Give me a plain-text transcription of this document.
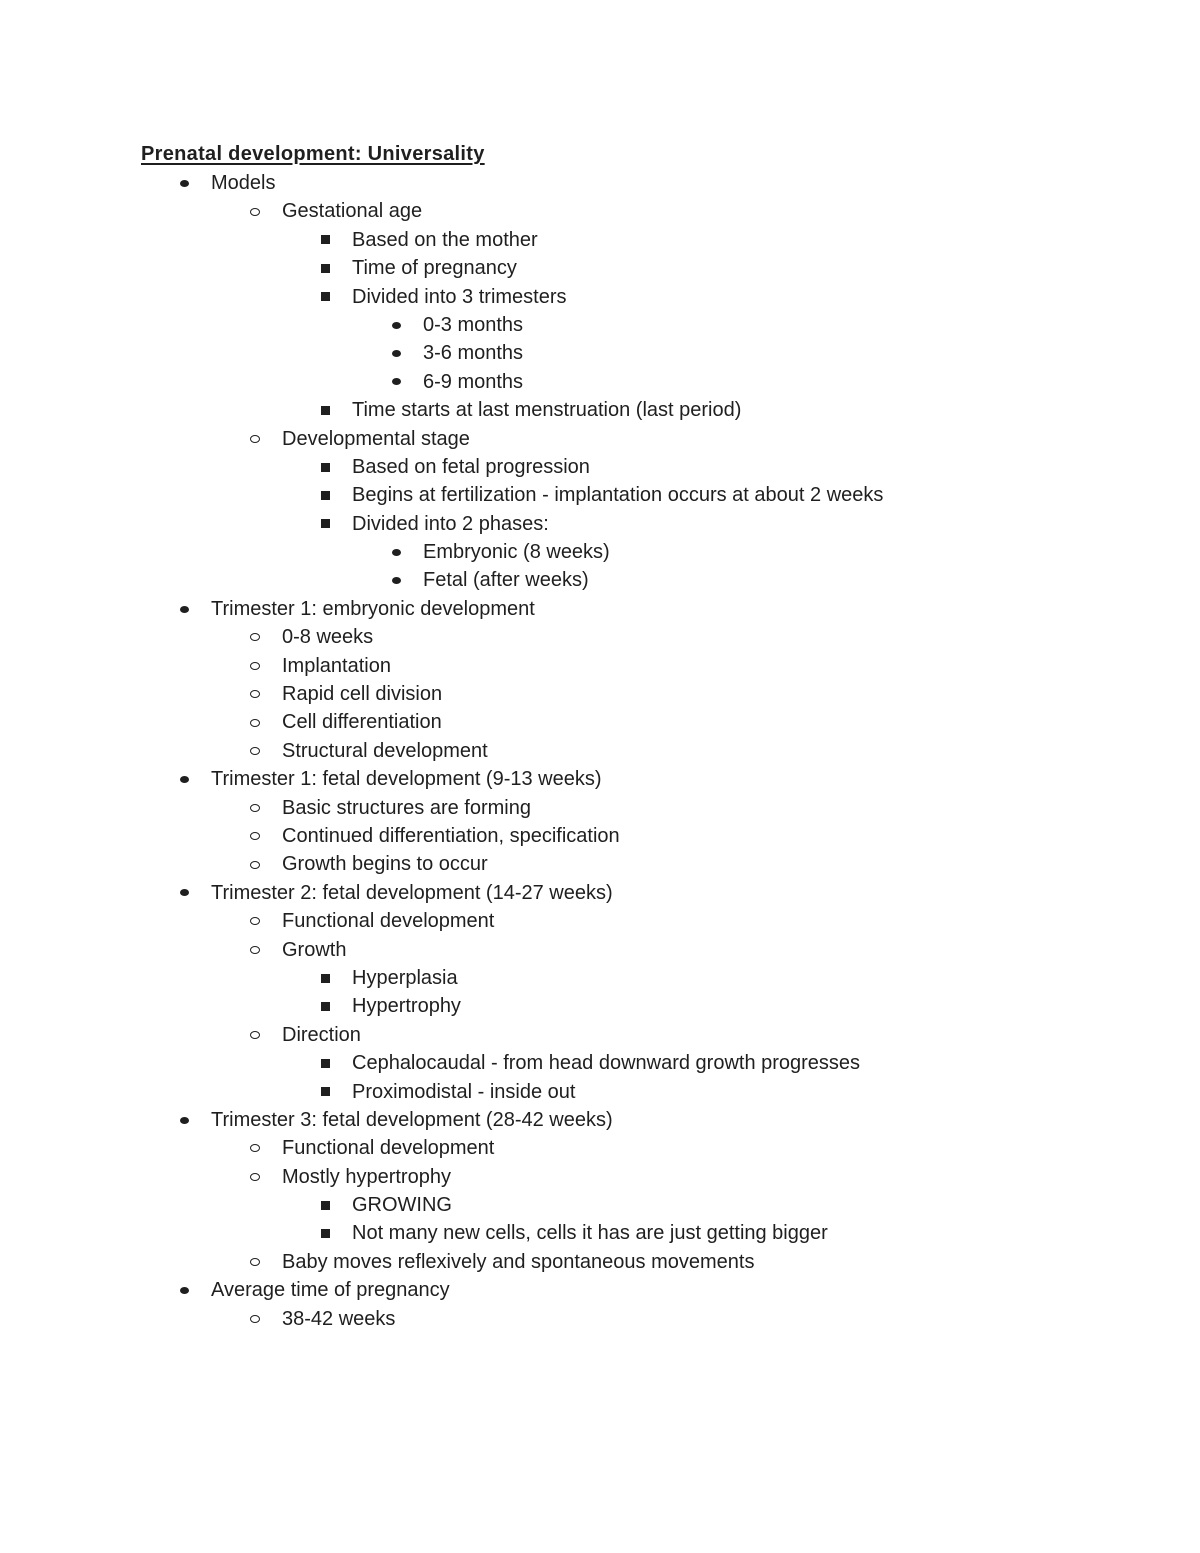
Prenatal development: Universality
Models
Gestational age
Based on the mother
Time of pregnancy
Divided into 3 trimesters
0-3 months
3-6 months
6-9 months
Time starts at last menstruation (last period)
Developmental stage
Based on fetal progression
Begins at fertilization - implantation occurs at about 2 weeks
Divided into 2 phases:
Embryonic (8 weeks)
Fetal (after weeks)
Trimester 1: embryonic development
0-8 weeks
Implantation
Rapid cell division
Cell differentiation
Structural development
Trimester 1: fetal development (9-13 weeks)
Basic structures are forming
Continued differentiation, specification
Growth begins to occur
Trimester 2: fetal development (14-27 weeks)
Functional development
Growth
Hyperplasia
Hypertrophy
Direction
Cephalocaudal - from head downward growth progresses
Proximodistal - inside out
Trimester 3: fetal development (28-42 weeks)
Functional development
Mostly hypertrophy
GROWING
Not many new cells, cells it has are just getting bigger
Baby moves reflexively and spontaneous movements
Average time of pregnancy
38-42 weeks
